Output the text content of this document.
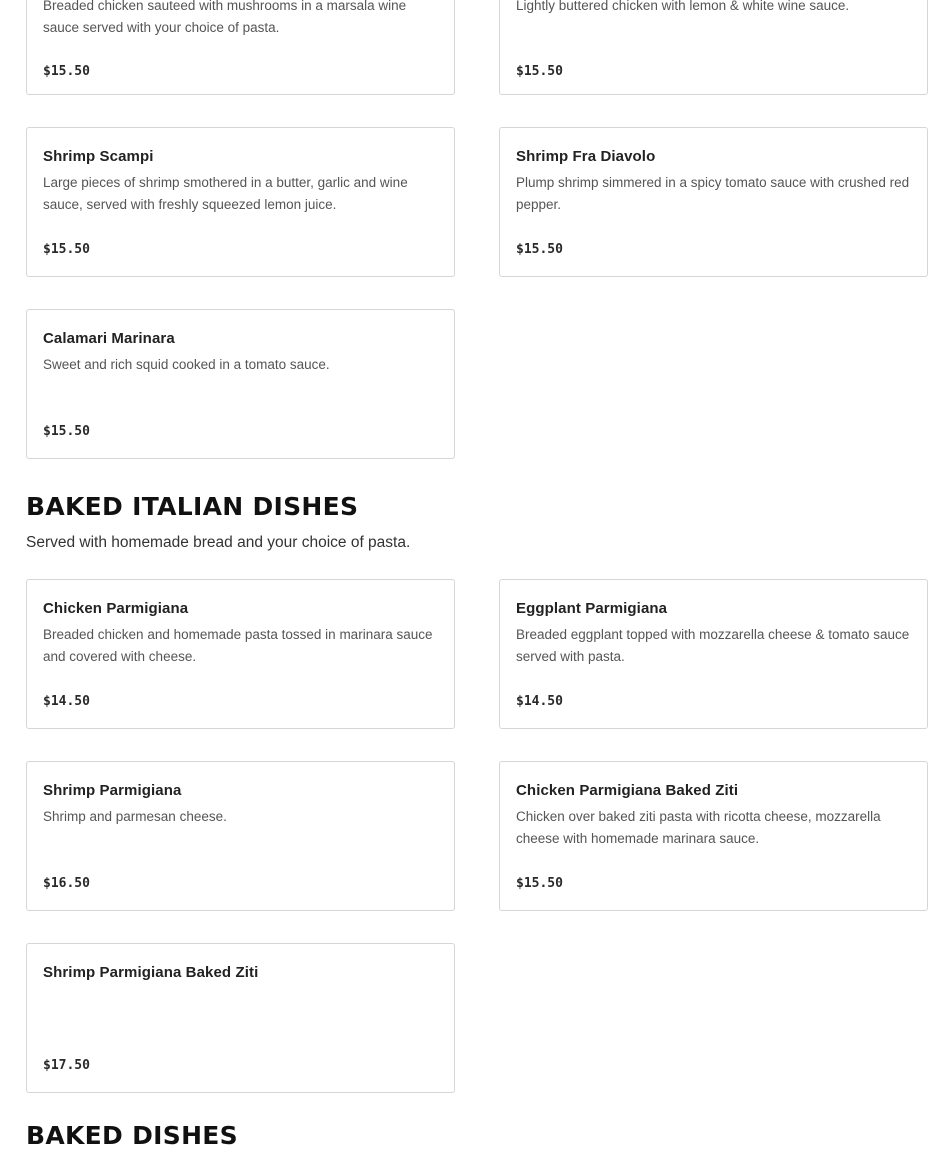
Breaded chicken sauteed with mushrooms in a marsala wine sauce served with your choice of pasta.
$15.50
Lightly buttered chicken with lemon & white wine sauce.
$15.50
Shrimp Scampi
Large pieces of shrimp smothered in a butter, garlic and wine sauce, served with freshly squeezed lemon juice.
$15.50
Shrimp Fra Diavolo
Plump shrimp simmered in a spicy tomato sauce with crushed red pepper.
$15.50
Calamari Marinara
Sweet and rich squid cooked in a tomato sauce.
$15.50
BAKED ITALIAN DISHES
Served with homemade bread and your choice of pasta.
Chicken Parmigiana
Breaded chicken and homemade pasta tossed in marinara sauce and covered with cheese.
$14.50
Eggplant Parmigiana
Breaded eggplant topped with mozzarella cheese & tomato sauce served with pasta.
$14.50
Shrimp Parmigiana
Shrimp and parmesan cheese.
$16.50
Chicken Parmigiana Baked Ziti
Chicken over baked ziti pasta with ricotta cheese, mozzarella cheese with homemade marinara sauce.
$15.50
Shrimp Parmigiana Baked Ziti
$17.50
BAKED DISHES
